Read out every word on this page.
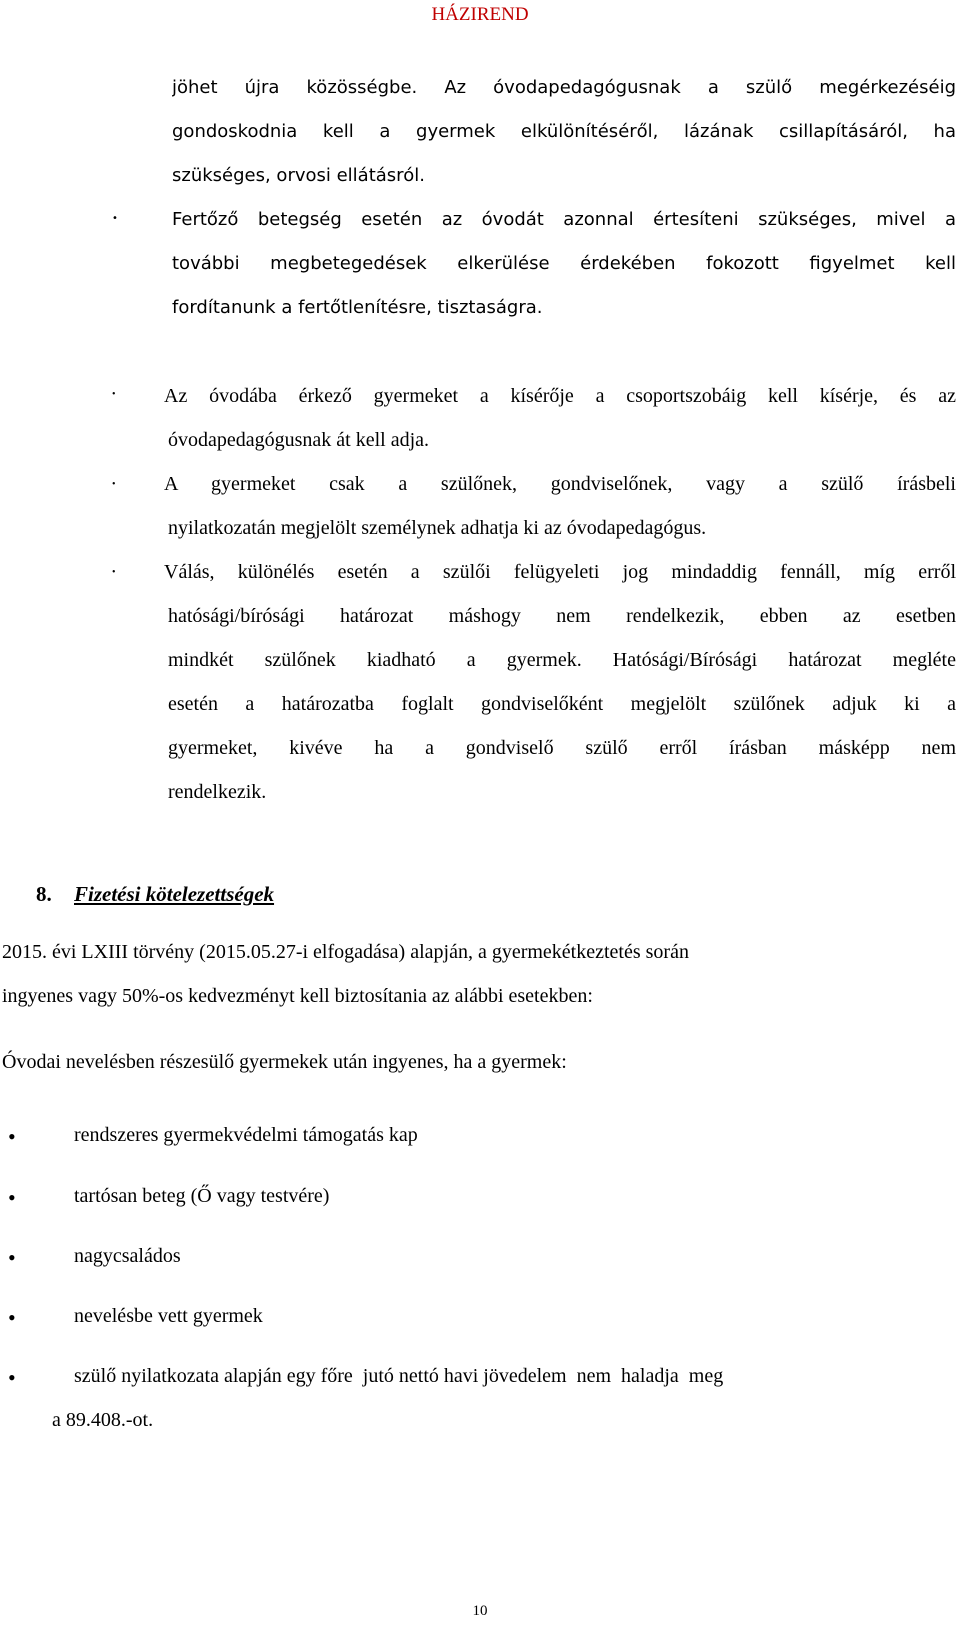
HÁZIREND
jöhet újra közösségbe. Az óvodapedagógusnak a szülő megérkezéséig
gondoskodnia kell a gyermek elkülönítéséről, lázának csillapításáról, ha
szükséges, orvosi ellátásról.
•	Fertőző betegség esetén az óvodát azonnal értesíteni szükséges, mivel a
további megbetegedések elkerülése érdekében fokozott figyelmet kell
fordítanunk a fertőtlenítésre, tisztaságra.
• Az óvodába érkező gyermeket a kísérője a csoportszobáig kell kísérje, és az
óvodapedagógusnak át kell adja.
• A gyermeket csak a szülőnek, gondviselőnek, vagy a szülő írásbeli
nyilatkozatán megjelölt személynek adhatja ki az óvodapedagógus.
• Válás, különélés esetén a szülői felügyeleti jog mindaddig fennáll, míg erről
hatósági/bírósági határozat máshogy nem rendelkezik, ebben az esetben
mindkét szülőnek kiadható a gyermek. Hatósági/Bírósági határozat megléte
esetén a határozatba foglalt gondviselőként megjelölt szülőnek adjuk ki a
gyermeket, kivéve ha a gondviselő szülő erről írásban másképp nem
rendelkezik.
8. Fizetési kötelezettségek
2015. évi LXIII törvény (2015.05.27-i elfogadása) alapján, a gyermekétkeztetés során
ingyenes vagy 50%-os kedvezményt kell biztosítania az alábbi esetekben:
Óvodai nevelésben részesülő gyermekek után ingyenes, ha a gyermek:
•	rendszeres gyermekvédelmi támogatás kap
•	tartósan beteg (Ő vagy testvére)
•	nagycsaládos
•	nevelésbe vett gyermek
•	szülő nyilatkozata alapján egy főre  jutó nettó havi jövedelem  nem  haladja  meg
a 89.408.-ot.
10
